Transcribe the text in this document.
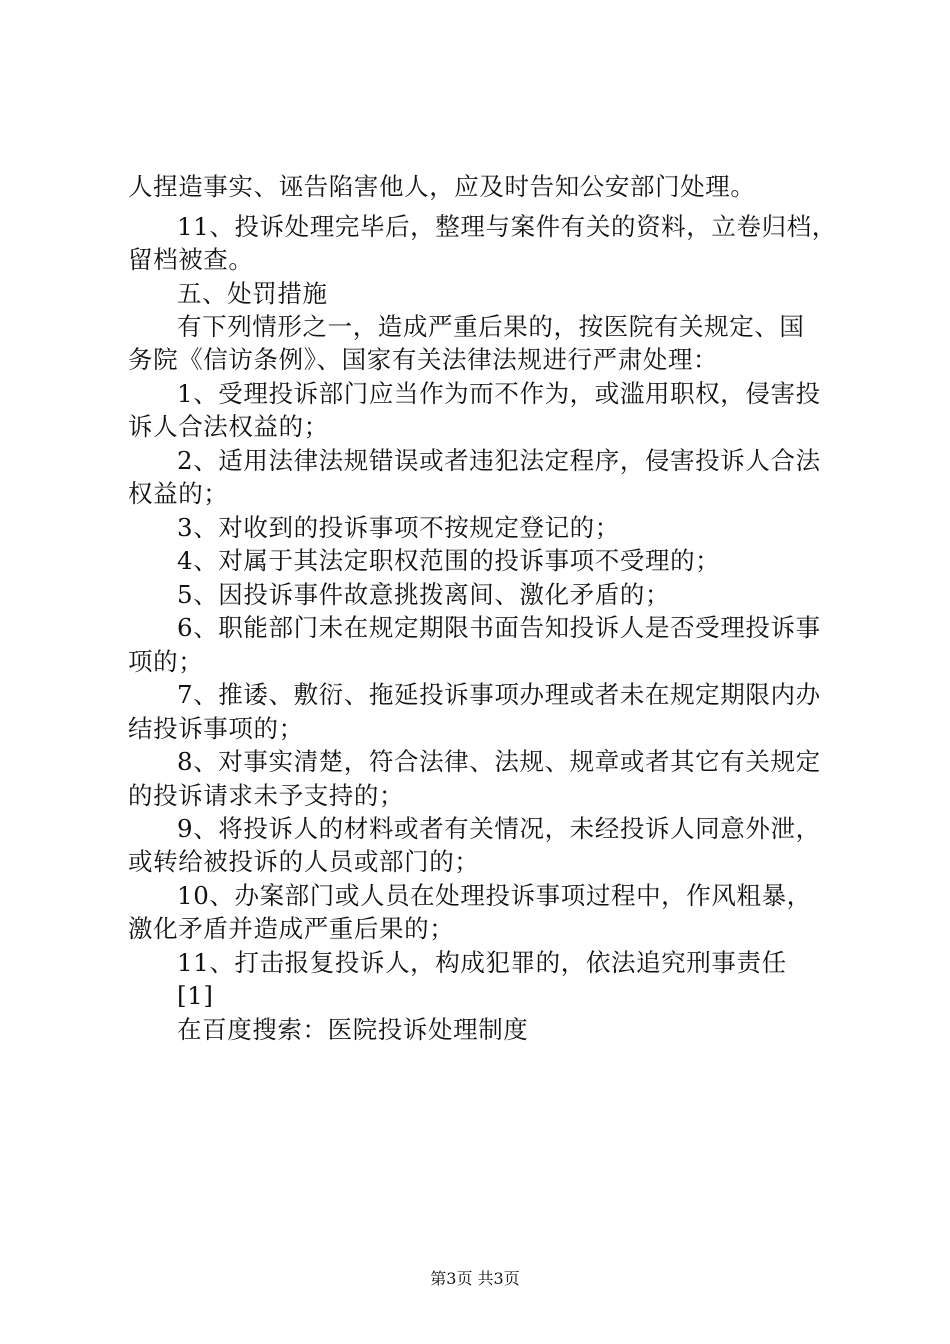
人捏造事实、诬告陷害他人，应及时告知公安部门处理。
11、投诉处理完毕后，整理与案件有关的资料，立卷归档，
留档被查。
五、处罚措施
有下列情形之一，造成严重后果的，按医院有关规定、国
务院《信访条例》、国家有关法律法规进行严肃处理：
1、受理投诉部门应当作为而不作为，或滥用职权，侵害投
诉人合法权益的；
2、适用法律法规错误或者违犯法定程序，侵害投诉人合法
权益的；
3、对收到的投诉事项不按规定登记的；
4、对属于其法定职权范围的投诉事项不受理的；
5、因投诉事件故意挑拨离间、激化矛盾的；
6、职能部门未在规定期限书面告知投诉人是否受理投诉事
项的；
7、推诿、敷衍、拖延投诉事项办理或者未在规定期限内办
结投诉事项的；
8、对事实清楚，符合法律、法规、规章或者其它有关规定
的投诉请求未予支持的；
9、将投诉人的材料或者有关情况，未经投诉人同意外泄，
或转给被投诉的人员或部门的；
10、办案部门或人员在处理投诉事项过程中，作风粗暴，
激化矛盾并造成严重后果的；
11、打击报复投诉人，构成犯罪的，依法追究刑事责任
[1]
在百度搜索：医院投诉处理制度
第3页 共3页
